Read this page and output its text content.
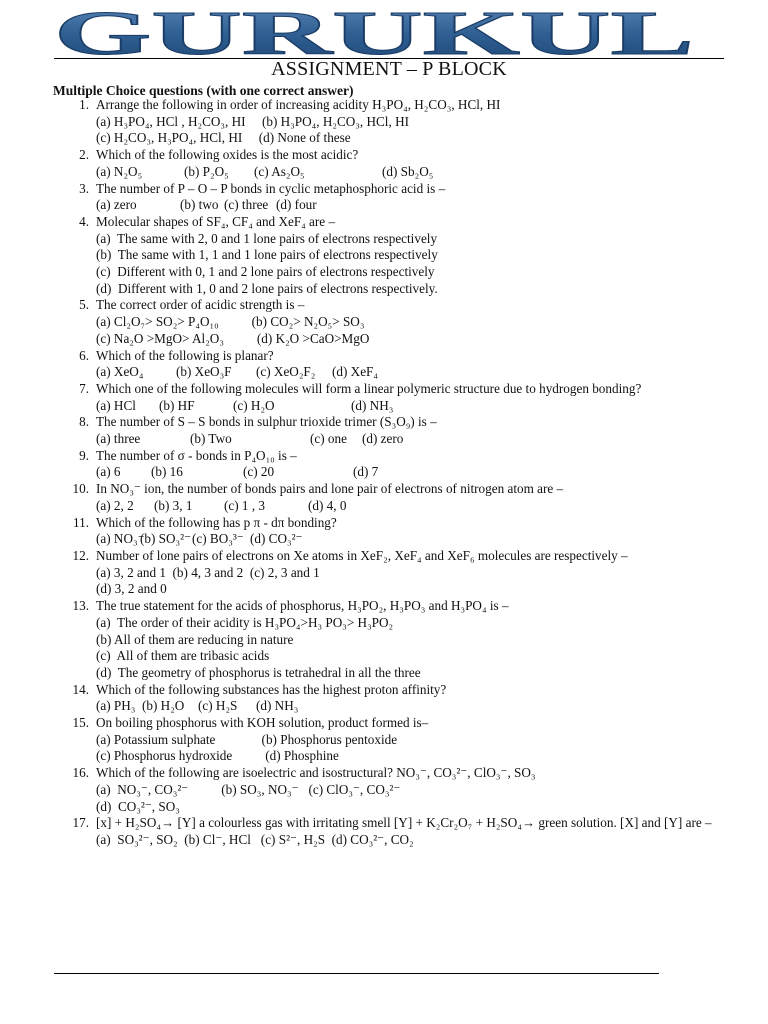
GURUKUL
ASSIGNMENT – P BLOCK
Multiple Choice questions (with one correct answer)
1. Arrange the following in order of increasing acidity H₃PO₄, H₂CO₃, HCl, HI
(a) H₃PO₄, HCl , H₂CO₃, HI     (b) H₃PO₄, H₂CO₃, HCl, HI
(c) H₂CO₃, H₃PO₄, HCl, HI     (d) None of these
2. Which of the following oxides is the most acidic?
(a) N₂O₅	(b) P₂O₅	(c) As₂O₅	(d) Sb₂O₅
3. The number of P – O – P bonds in cyclic metaphosphoric acid is –
(a) zero	(b) two (c) three (d) four
4. Molecular shapes of SF₄, CF₄ and XeF₄ are –
(a)  The same with 2, 0 and 1 lone pairs of electrons respectively
(b)  The same with 1, 1 and 1 lone pairs of electrons respectively
(c)  Different with 0, 1 and 2 lone pairs of electrons respectively
(d)  Different with 1, 0 and 2 lone pairs of electrons respectively.
5. The correct order of acidic strength is –
(a) Cl₂O₇> SO₂> P₄O₁₀          (b) CO₂> N₂O₅> SO₃
(c) Na₂O >MgO> Al₂O₃          (d) K₂O >CaO>MgO
6. Which of the following is planar?
(a) XeO₄	(b) XeO₃F	(c) XeO₂F₂	(d) XeF₄
7. Which one of the following molecules will form a linear polymeric structure due to hydrogen bonding?
(a) HCl	(b) HF	(c) H₂O	(d) NH₃
8. The number of S – S bonds in sulphur trioxide trimer (S₃O₉) is –
(a) three	(b) Two	(c) one	(d) zero
9. The number of σ - bonds in P₄O₁₀ is –
(a) 6	(b) 16	(c) 20	(d) 7
10. In NO₃⁻ ion, the number of bonds pairs and lone pair of electrons of nitrogen atom are –
(a) 2, 2	(b) 3, 1	(c) 1 , 3	(d) 4, 0
11. Which of the following has p π - dπ bonding?
(a) NO₃⁻
(b) SO₃²⁻ (c) BO₃³⁻ (d) CO₃²⁻
12. Number of lone pairs of electrons on Xe atoms in XeF₂, XeF₄ and XeF₆ molecules are respectively –
(a) 3, 2 and 1  (b) 4, 3 and 2  (c) 2, 3 and 1
(d) 3, 2 and 0
13. The true statement for the acids of phosphorus, H₃PO₂, H₃PO₃ and H₃PO₄ is –
(a)  The order of their acidity is H₃PO₄>H₃ PO₃> H₃PO₂
(b) All of them are reducing in nature
(c)  All of them are tribasic acids
(d)  The geometry of phosphorus is tetrahedral in all the three
14. Which of the following substances has the highest proton affinity?
(a) PH₃ (b) H₂O	(c) H₂S	(d) NH₃
15. On boiling phosphorus with KOH solution, product formed is–
(a) Potassium sulphate              (b) Phosphorus pentoxide
(c) Phosphorus hydroxide          (d) Phosphine
16. Which of the following are isoelectric and isostructural? NO₃⁻, CO₃²⁻, ClO₃⁻, SO₃
(a)  NO₃⁻, CO₃²⁻          (b) SO₃, NO₃⁻   (c) ClO₃⁻, CO₃²⁻
(d)  CO₃²⁻, SO₃
17. [x] + H₂SO₄→ [Y] a colourless gas with irritating smell [Y] + K₂Cr₂O₇ + H₂SO₄→ green solution. [X] and [Y] are –
(a)  SO₃²⁻, SO₂  (b) Cl⁻, HCl   (c) S²⁻, H₂S  (d) CO₃²⁻, CO₂
